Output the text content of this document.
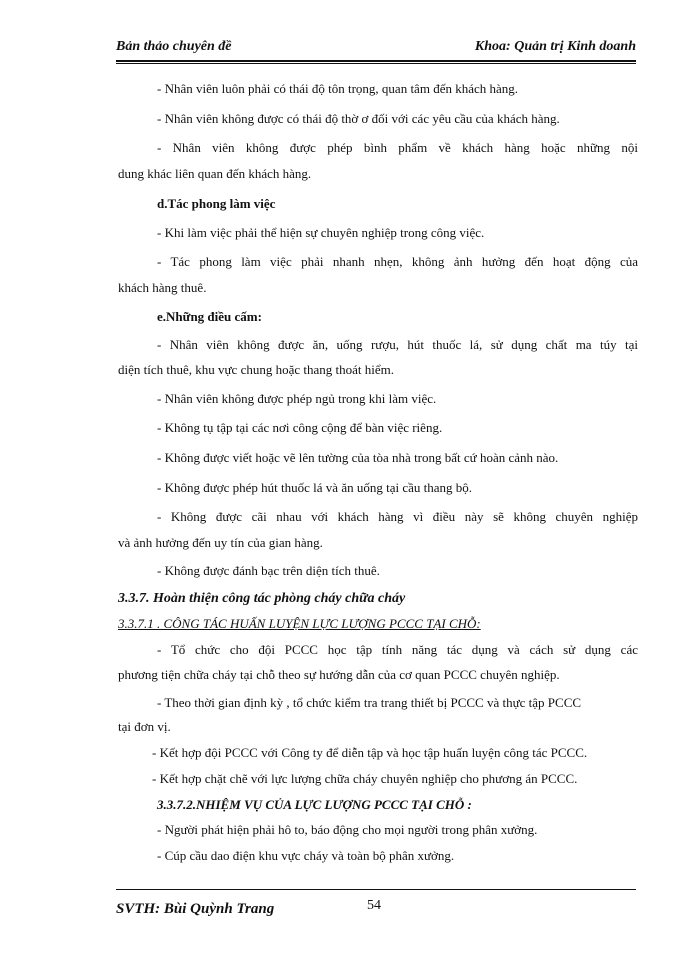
Bản thảo chuyên đề	Khoa: Quản trị Kinh doanh
- Nhân viên luôn phải có thái độ tôn trọng, quan tâm đến khách hàng.
- Nhân viên không được có thái độ thờ ơ đối với các yêu cầu của khách hàng.
- Nhân viên không được phép bình phẩm về khách hàng hoặc những nội
dung khác liên quan đến khách hàng.
d.Tác phong làm việc
- Khi làm việc phải thể hiện sự chuyên nghiệp trong công việc.
- Tác phong làm việc phải nhanh nhẹn, không ảnh hưởng đến hoạt động của
khách hàng thuê.
e.Những điều cấm:
- Nhân viên không được ăn, uống rượu, hút thuốc lá, sử dụng chất ma túy tại
diện tích thuê, khu vực chung hoặc thang thoát hiểm.
- Nhân viên không được phép ngủ trong khi làm việc.
- Không tụ tập tại các nơi công cộng để bàn việc riêng.
- Không được viết hoặc vẽ lên tường của tòa nhà trong bất cứ hoàn cảnh nào.
- Không được phép hút thuốc lá và ăn uống tại cầu thang bộ.
- Không được cãi nhau với khách hàng vì điều này sẽ không chuyên nghiệp
và ảnh hưởng đến uy tín của gian hàng.
- Không được đánh bạc trên diện tích thuê.
3.3.7. Hoàn thiện công tác phòng cháy chữa cháy
3.3.7.1 . CÔNG TÁC HUẤN LUYỆN LỰC LƯỢNG PCCC TẠI CHỖ:
- Tổ chức cho đội PCCC học tập tính năng tác dụng và cách sử dụng các
phương tiện chữa cháy tại chỗ theo sự hướng dẫn của cơ quan PCCC chuyên nghiệp.
- Theo thời gian định kỳ , tổ chức kiểm tra trang thiết bị PCCC và thực tập PCCC
tại đơn vị.
- Kết hợp đội PCCC với Công ty để diễn tập và học tập huấn luyện công tác PCCC.
- Kết hợp chặt chẽ với lực lượng chữa cháy chuyên nghiệp cho phương án PCCC.
3.3.7.2.NHIỆM VỤ CỦA LỰC LƯỢNG PCCC TẠI CHỖ :
- Người phát hiện phải hô to, báo động cho mọi người trong phân xưởng.
- Cúp cầu dao điện khu vực cháy và toàn bộ phân xưởng.
SVTH: Bùi Quỳnh Trang	54
